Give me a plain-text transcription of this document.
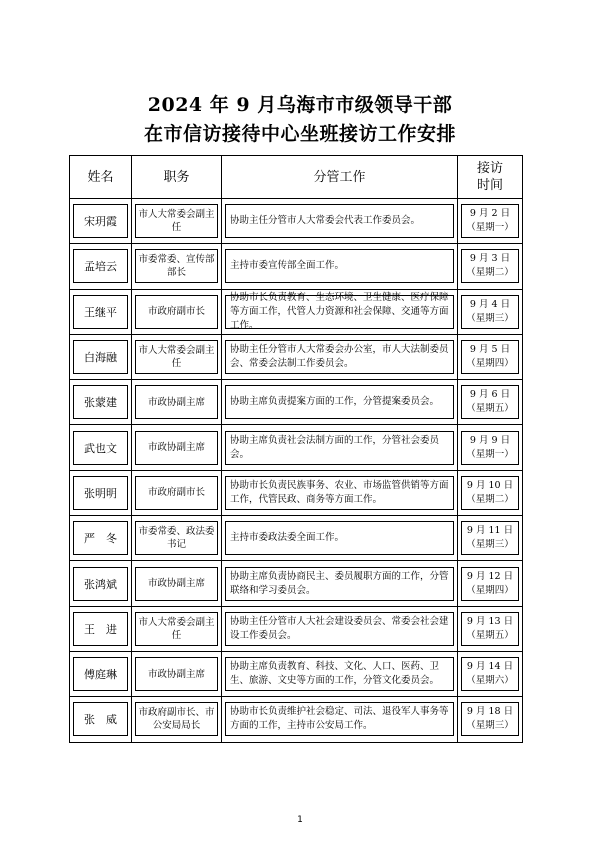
2024 年 9 月乌海市市级领导干部
在市信访接待中心坐班接访工作安排
姓名	职务	分管工作	接访
时间

宋玥霞	市人大常委会副主任	协助主任分管市人大常委会代表工作委员会。	9 月 2 日
（星期一）

孟培云	市委常委、宣传部部长	主持市委宣传部全面工作。	9 月 3 日
（星期二）

王继平	市政府副市长	协助市长负责教育、生态环境、卫生健康、医疗保障等方面工作，代管人力资源和社会保障、交通等方面工作。	9 月 4 日
（星期三）

白海融	市人大常委会副主任	协助主任分管市人大常委会办公室，市人大法制委员会、常委会法制工作委员会。	9 月 5 日
（星期四）

张蒙建	市政协副主席	协助主席负责提案方面的工作，分管提案委员会。	9 月 6 日
（星期五）

武也文	市政协副主席	协助主席负责社会法制方面的工作，分管社会委员会。	9 月 9 日
（星期一）

张明明	市政府副市长	协助市长负责民族事务、农业、市场监管供销等方面工作，代管民政、商务等方面工作。	9 月 10 日
（星期二）

严　冬	市委常委、政法委书记	主持市委政法委全面工作。	9 月 11 日
（星期三）

张鸿斌	市政协副主席	协助主席负责协商民主、委员履职方面的工作，分管联络和学习委员会。	9 月 12 日
（星期四）

王　进	市人大常委会副主任	协助主任分管市人大社会建设委员会、常委会社会建设工作委员会。	9 月 13 日
（星期五）

傅庭琳	市政协副主席	协助主席负责教育、科技、文化、人口、医药、卫生、旅游、文史等方面的工作，分管文化委员会。	9 月 14 日
（星期六）

张　威	市政府副市长、市公安局局长	协助市长负责维护社会稳定、司法、退役军人事务等方面的工作，主持市公安局工作。	9 月 18 日
（星期三）
1
